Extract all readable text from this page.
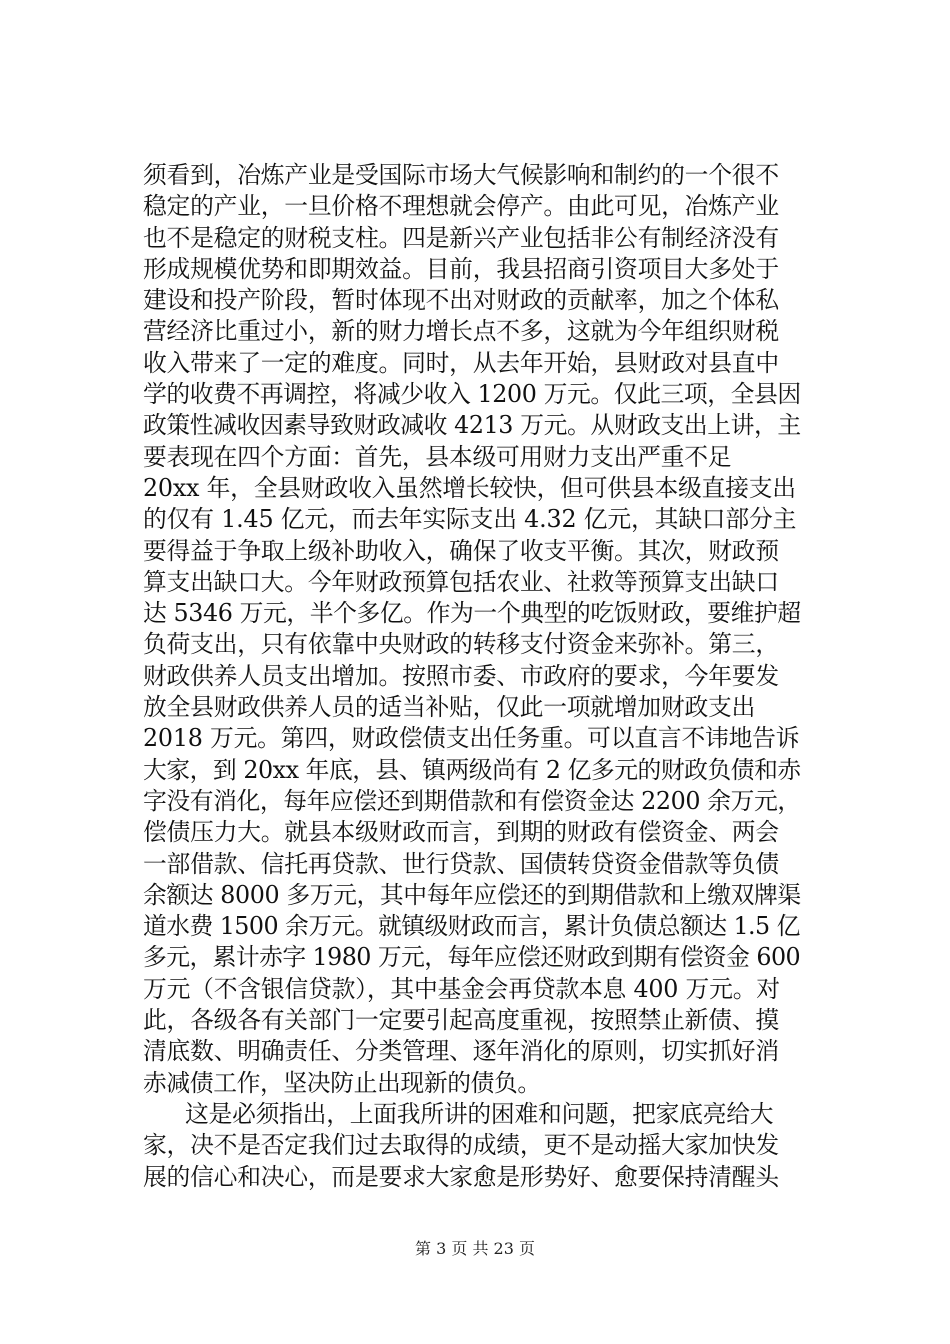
须看到，冶炼产业是受国际市场大气候影响和制约的一个很不
稳定的产业，一旦价格不理想就会停产。由此可见，冶炼产业
也不是稳定的财税支柱。四是新兴产业包括非公有制经济没有
形成规模优势和即期效益。目前，我县招商引资项目大多处于
建设和投产阶段，暂时体现不出对财政的贡献率，加之个体私
营经济比重过小，新的财力增长点不多，这就为今年组织财税
收入带来了一定的难度。同时，从去年开始，县财政对县直中
学的收费不再调控，将减少收入 1200 万元。仅此三项，全县因
政策性减收因素导致财政减收 4213 万元。从财政支出上讲，主
要表现在四个方面：首先，县本级可用财力支出严重不足
20xx 年，全县财政收入虽然增长较快，但可供县本级直接支出
的仅有 1.45 亿元，而去年实际支出 4.32 亿元，其缺口部分主
要得益于争取上级补助收入，确保了收支平衡。其次，财政预
算支出缺口大。今年财政预算包括农业、社救等预算支出缺口
达 5346 万元，半个多亿。作为一个典型的吃饭财政，要维护超
负荷支出，只有依靠中央财政的转移支付资金来弥补。第三，
财政供养人员支出增加。按照市委、市政府的要求，今年要发
放全县财政供养人员的适当补贴，仅此一项就增加财政支出
2018 万元。第四，财政偿债支出任务重。可以直言不讳地告诉
大家，到 20xx 年底，县、镇两级尚有 2 亿多元的财政负债和赤
字没有消化，每年应偿还到期借款和有偿资金达 2200 余万元，
偿债压力大。就县本级财政而言，到期的财政有偿资金、两会
一部借款、信托再贷款、世行贷款、国债转贷资金借款等负债
余额达 8000 多万元，其中每年应偿还的到期借款和上缴双牌渠
道水费 1500 余万元。就镇级财政而言，累计负债总额达 1.5 亿
多元，累计赤字 1980 万元，每年应偿还财政到期有偿资金 600
万元（不含银信贷款），其中基金会再贷款本息 400 万元。对
此，各级各有关部门一定要引起高度重视，按照禁止新债、摸
清底数、明确责任、分类管理、逐年消化的原则，切实抓好消
赤减债工作，坚决防止出现新的债负。
这是必须指出，上面我所讲的困难和问题，把家底亮给大
家，决不是否定我们过去取得的成绩，更不是动摇大家加快发
展的信心和决心，而是要求大家愈是形势好、愈要保持清醒头
第 3 页 共 23 页
